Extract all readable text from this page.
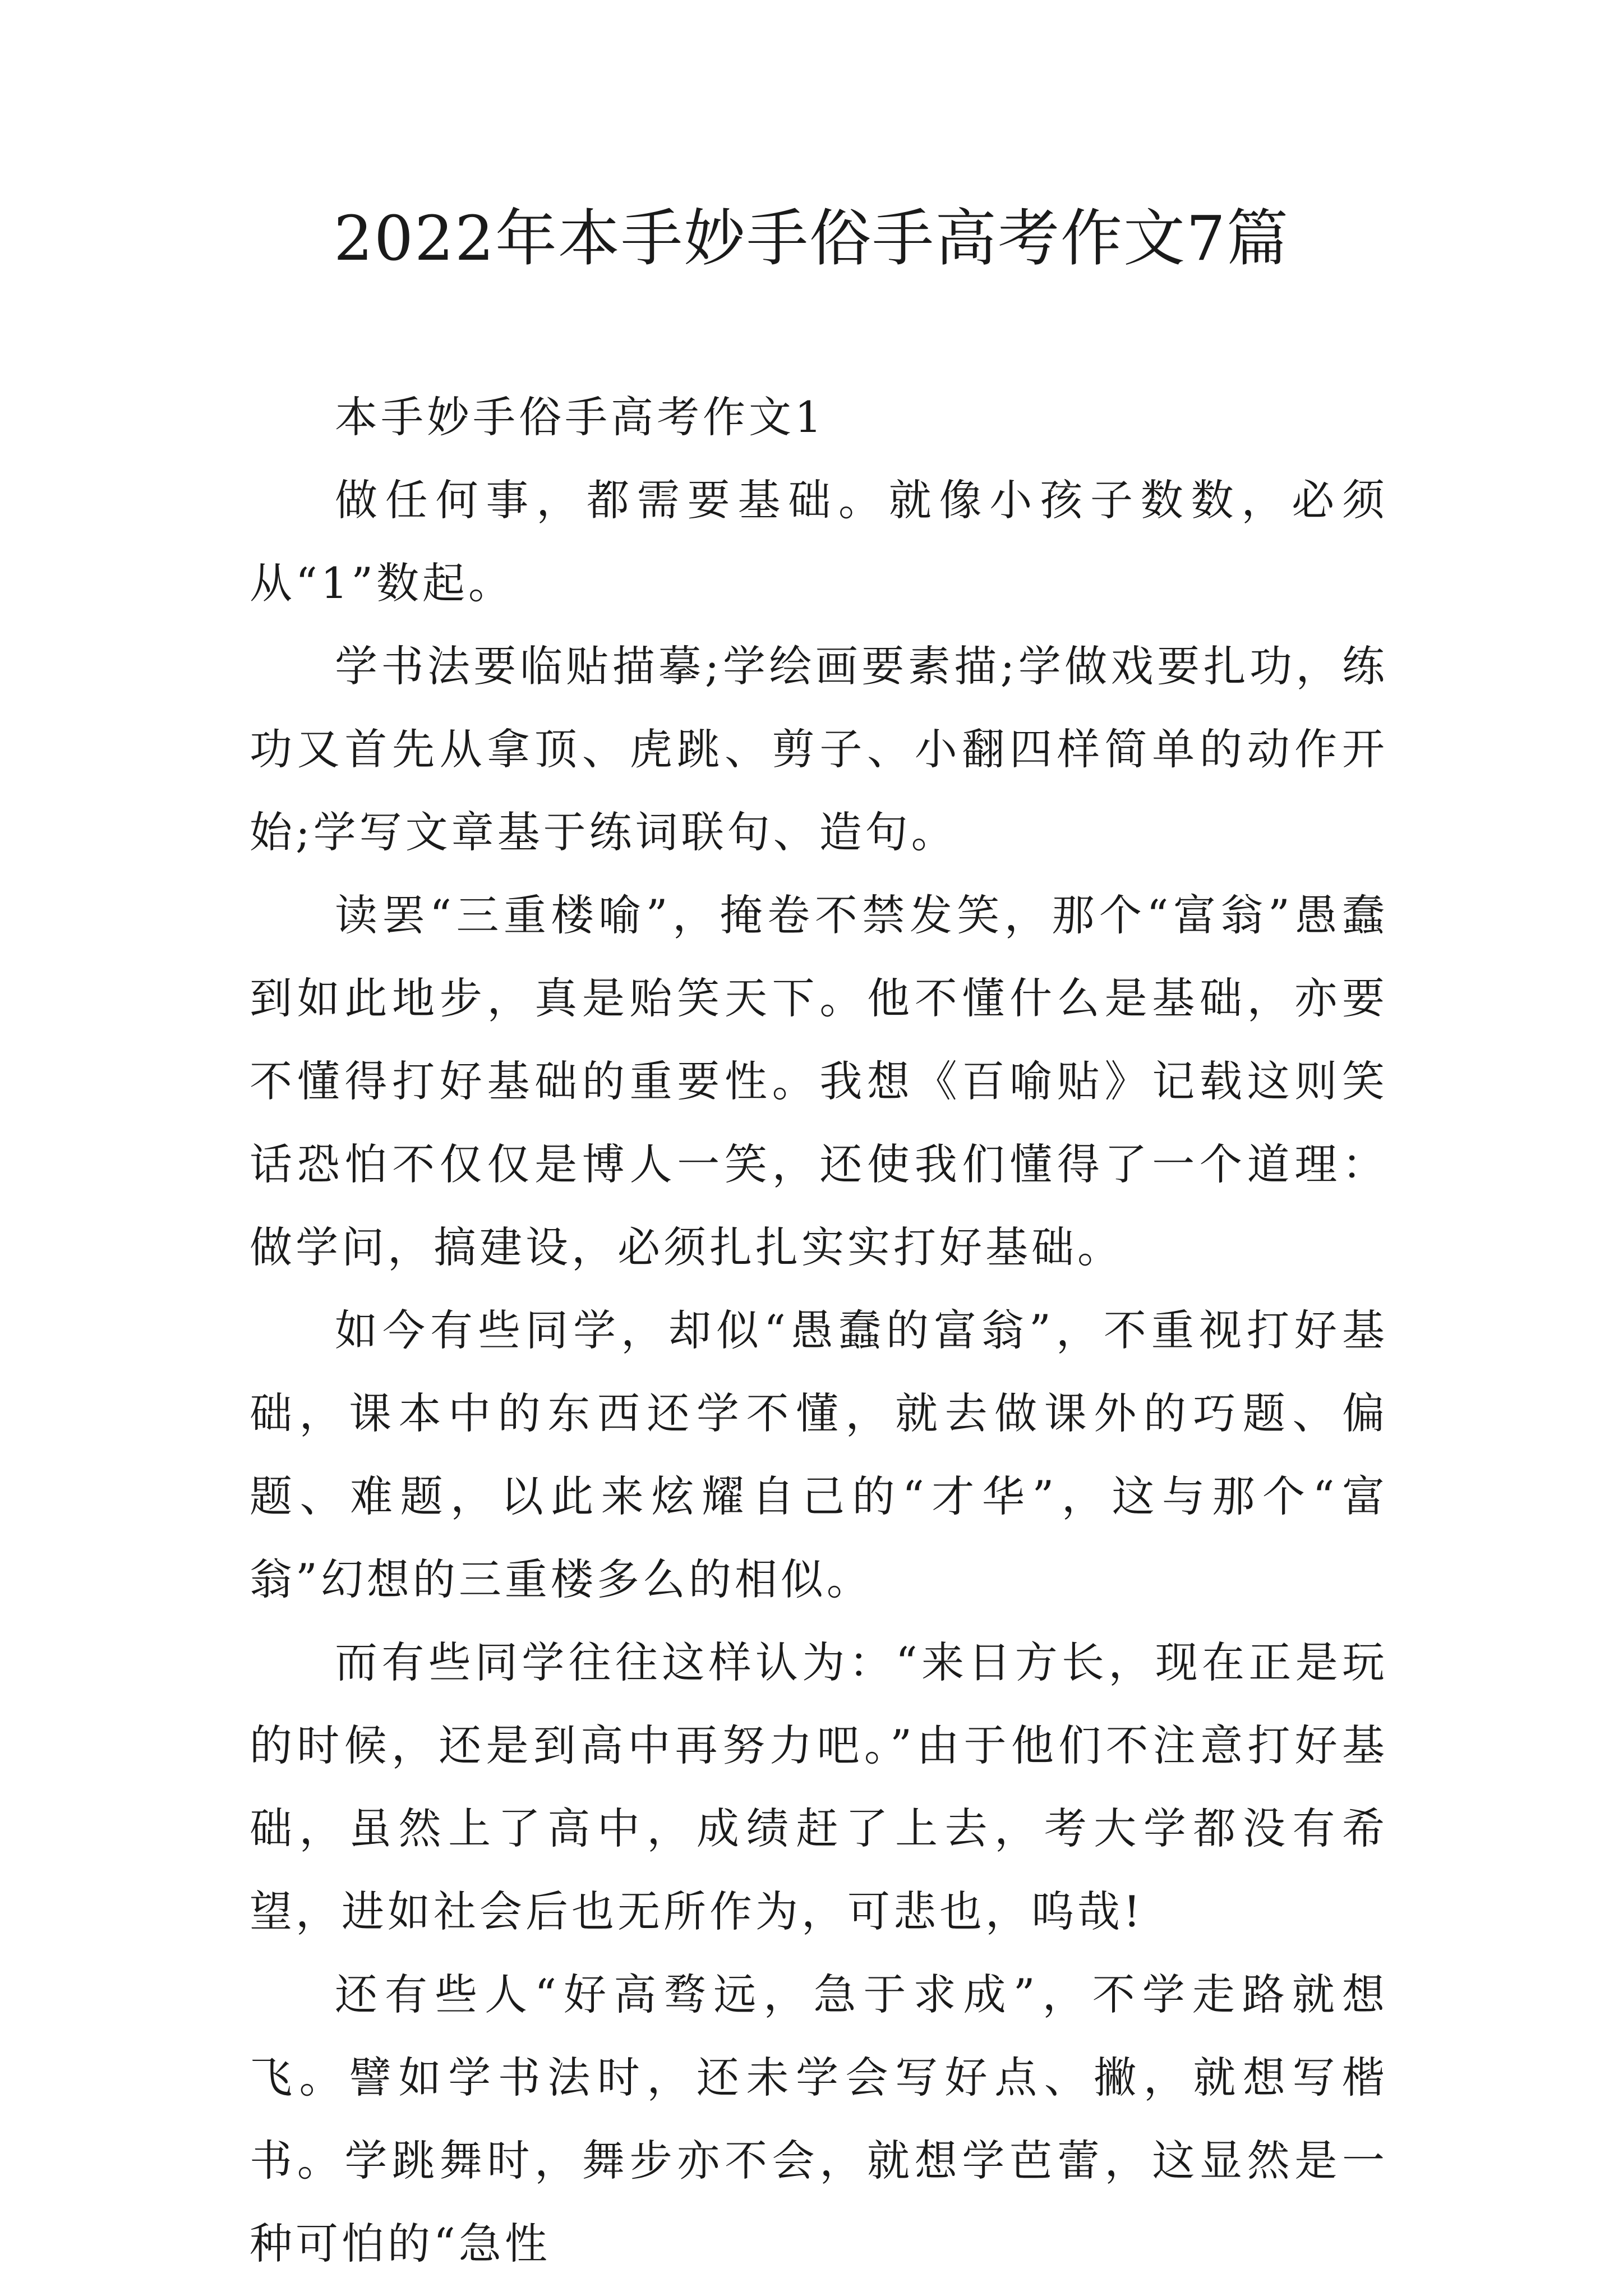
2022年本手妙手俗手高考作文7篇

本手妙手俗手高考作文1

做任何事，都需要基础。就像小孩子数数，必须从“1”数起。

学书法要临贴描摹;学绘画要素描;学做戏要扎功，练功又首先从拿顶、虎跳、剪子、小翻四样简单的动作开始;学写文章基于练词联句、造句。

读罢“三重楼喻”，掩卷不禁发笑，那个“富翁”愚蠢到如此地步，真是贻笑天下。他不懂什么是基础，亦要不懂得打好基础的重要性。我想《百喻贴》记载这则笑话恐怕不仅仅是博人一笑，还使我们懂得了一个道理：做学问，搞建设，必须扎扎实实打好基础。

如今有些同学，却似“愚蠢的富翁”，不重视打好基础，课本中的东西还学不懂，就去做课外的巧题、偏题、难题，以此来炫耀自己的“才华”，这与那个“富翁”幻想的三重楼多么的相似。

而有些同学往往这样认为：“来日方长，现在正是玩的时候，还是到高中再努力吧。”由于他们不注意打好基础，虽然上了高中，成绩赶了上去，考大学都没有希望，进如社会后也无所作为，可悲也，呜哉!

还有些人“好高骛远，急于求成”，不学走路就想飞。譬如学书法时，还未学会写好点、撇，就想写楷书。学跳舞时，舞步亦不会，就想学芭蕾，这显然是一种可怕的“急性
